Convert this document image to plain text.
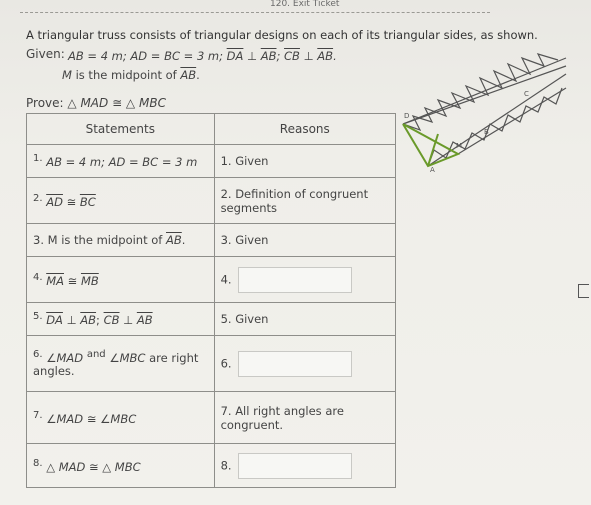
120. Exit Ticket
A triangular truss consists of triangular designs on each of its triangular sides, as shown.
Given: AB = 4 m; AD = BC = 3 m; $\overline{DA}$ ⊥ $\overline{AB}$; $\overline{CB}$ ⊥ $\overline{AB}$.
M is the midpoint of $\overline{AB}$.
Prove: △ MAD ≅ △ MBC
Statements	Reasons
1. AB = 4 m; AD = BC = 3 m	1. Given
2. $\overline{AD}$ ≅ $\overline{BC}$	2. Definition of congruent segments
3. M is the midpoint of $\overline{AB}$.	3. Given
4. $\overline{MA}$ ≅ $\overline{MB}$	4.
5. $\overline{DA}$ ⊥ $\overline{AB}$; $\overline{CB}$ ⊥ $\overline{AB}$	5. Given
6. ∠MAD and ∠MBC are right
angles.	6.
7. ∠MAD ≅ ∠MBC	7. All right angles are congruent.
8. △ MAD ≅ △ MBC	8.
D
C
B
M
A
